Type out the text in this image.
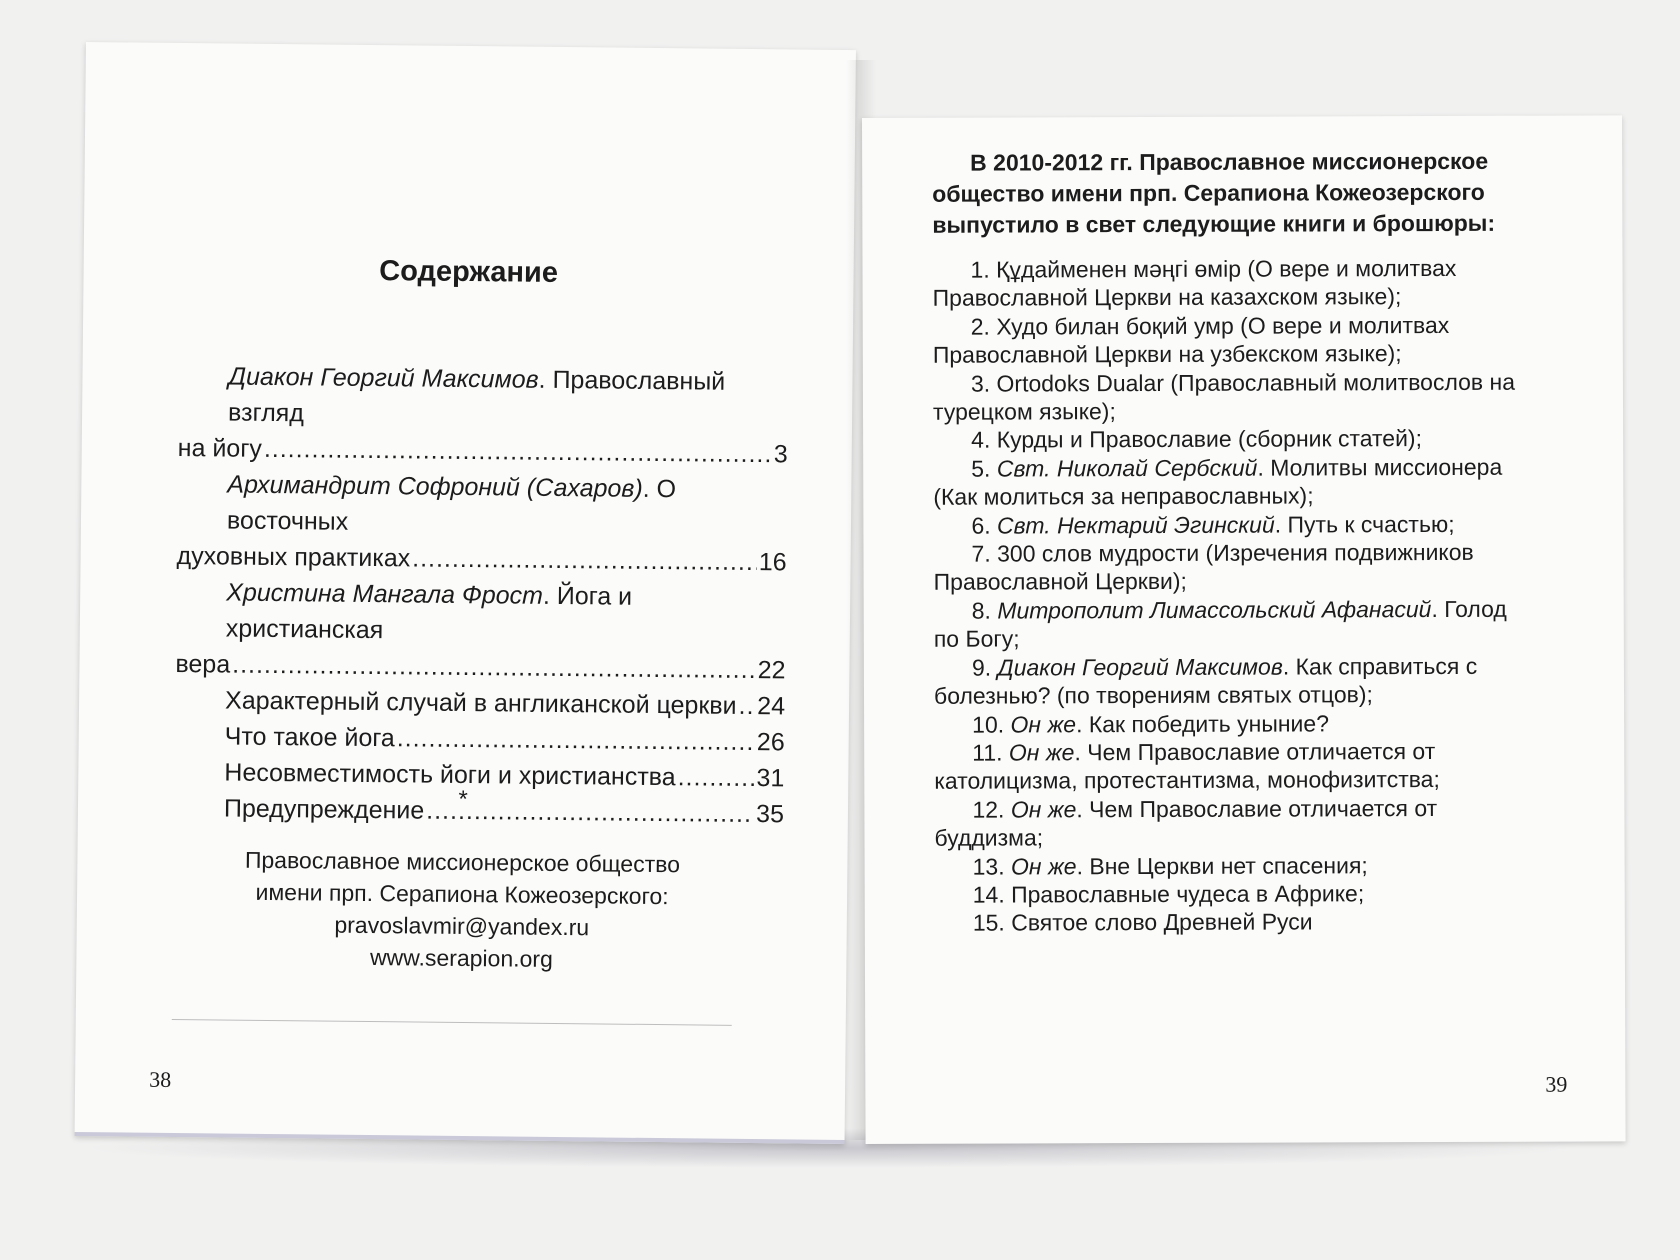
Содержание
Диакон Георгий Максимов. Православный взгляд
на йогу .....	3
Архимандрит Софроний (Сахаров). О восточных
духовных практиках .....	16
Христина Мангала Фрост. Йога и христианская
вера .....	22
Характерный случай в англиканской церкви ..... 24
Что такое йога .....	26
Несовместимость йоги и христианства .....	31
Предупреждение .....	35
*
Православное миссионерское общество
имени прп. Серапиона Кожеозерского:
pravoslavmir@yandex.ru
www.serapion.org
38
В 2010-2012 гг. Православное миссионерское
общество имени прп. Серапиона Кожеозерского
выпустило в свет следующие книги и брошюры:
1. Құдайменен мәңгі өмір (О вере и молитвах Православной Церкви на казахском языке);
2. Худо билан боқий умр (О вере и молитвах Православной Церкви на узбекском языке);
3. Ortodoks Dualar (Православный молитвослов на турецком языке);
4. Курды и Православие (сборник статей);
5. Свт. Николай Сербский. Молитвы миссионера (Как молиться за неправославных);
6. Свт. Нектарий Эгинский. Путь к счастью;
7. 300 слов мудрости (Изречения подвижников Православной Церкви);
8. Митрополит Лимассольский Афанасий. Голод по Богу;
9. Диакон Георгий Максимов. Как справиться с болезнью? (по творениям святых отцов);
10. Он же. Как победить уныние?
11. Он же. Чем Православие отличается от католицизма, протестантизма, монофизитства;
12. Он же. Чем Православие отличается от буддизма;
13. Он же. Вне Церкви нет спасения;
14. Православные чудеса в Африке;
15. Святое слово Древней Руси
39
